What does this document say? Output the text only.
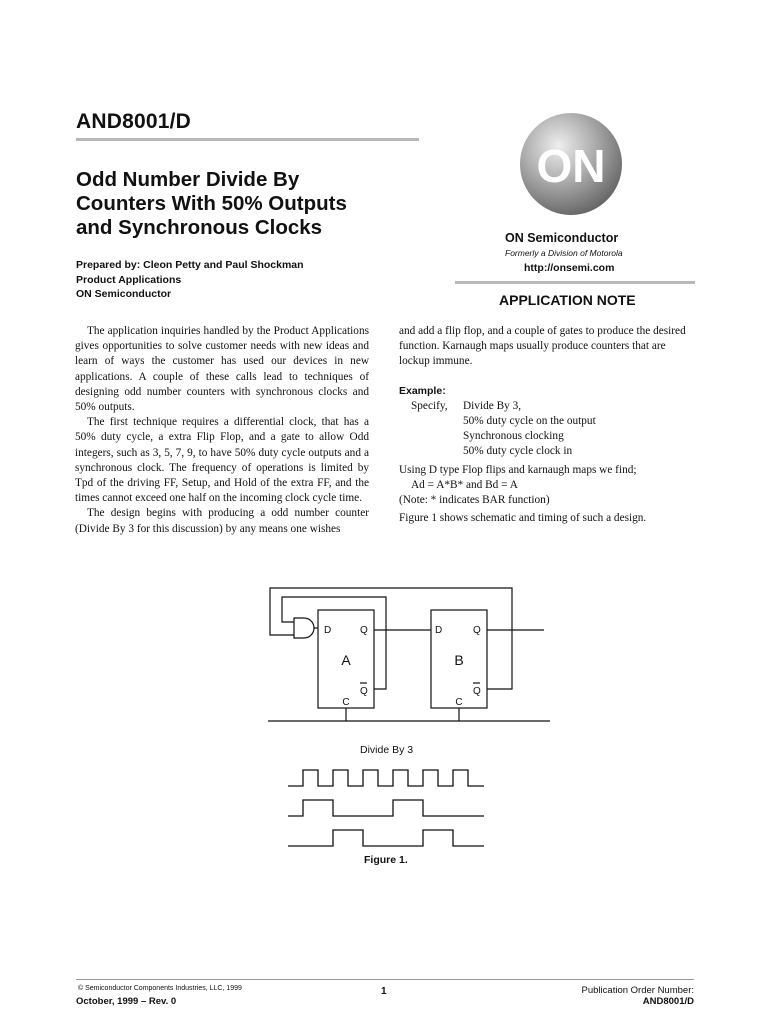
AND8001/D
Odd Number Divide By
Counters With 50% Outputs
and Synchronous Clocks
Prepared by: Cleon Petty and Paul Shockman
Product Applications
ON Semiconductor
ON
ON Semiconductor
Formerly a Division of Motorola
http://onsemi.com
APPLICATION NOTE

The application inquiries handled by the Product Applications gives opportunities to solve customer needs with new ideas and learn of ways the customer has used our devices in new applications. A couple of these calls lead to techniques of designing odd number counters with synchronous clocks and 50% outputs.

The first technique requires a differential clock, that has a 50% duty cycle, a extra Flip Flop, and a gate to allow Odd integers, such as 3, 5, 7, 9, to have 50% duty cycle outputs and a synchronous clock. The frequency of operations is limited by Tpd of the driving FF, Setup, and Hold of the extra FF, and the times cannot exceed one half on the incoming clock cycle time.

The design begins with producing a odd number counter (Divide By 3 for this discussion) by any means one wishes

and add a flip flop, and a couple of gates to produce the desired function. Karnaugh maps usually produce counters that are lockup immune.

Example:

Specify,	Divide By 3,
50% duty cycle on the output
Synchronous clocking
50% duty cycle clock in

Using D type Flop flips and karnaugh maps we find;

Ad = A*B* and Bd = A

(Note: * indicates BAR function)

Figure 1 shows schematic and timing of such a design.

D	Q
A
Q
C
D	Q
B
Q
C
Divide By 3
Figure 1.
© Semiconductor Components Industries, LLC, 1999
October, 1999 – Rev. 0
1	Publication Order Number:
AND8001/D
